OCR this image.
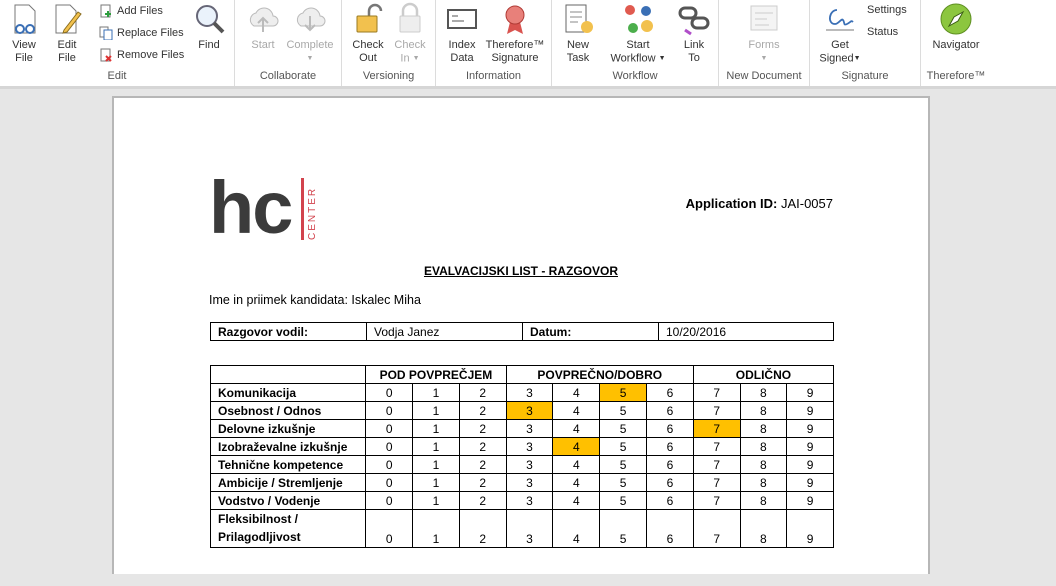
View
File
Edit
File
Add Files
Replace Files
Remove Files
Find
Edit
Start	Complete
▼
Collaborate
Check
Out
Check
In ▼
Versioning
Index
Data
Therefore™
Signature
Information
New
Task
Start
Workflow ▼
Link
To
Workflow
Forms
▼
New Document
Get
Signed▼
Settings
Status
Signature
Navigator
Therefore™
hc CENTER	Application ID: JAI-0057
EVALVACIJSKI LIST - RAZGOVOR
Ime in priimek kandidata: Iskalec Miha
Razgovor vodil:	Vodja Janez	Datum:	10/20/2016
	POD POVPREČJEM			POVPREČNO/DOBRO				ODLIČNO		
Komunikacija	0	1	2	3	4	5	6	7	8	9
Osebnost / Odnos	0	1	2	3	4	5	6	7	8	9
Delovne izkušnje	0	1	2	3	4	5	6	7	8	9
Izobraževalne izkušnje	0	1	2	3	4	5	6	7	8	9
Tehnične kompetence	0	1	2	3	4	5	6	7	8	9
Ambicije / Stremljenje	0	1	2	3	4	5	6	7	8	9
Vodstvo / Vodenje	0	1	2	3	4	5	6	7	8	9
Fleksibilnost /
Prilagodljivost	0	1	2	3	4	5	6	7	8	9
